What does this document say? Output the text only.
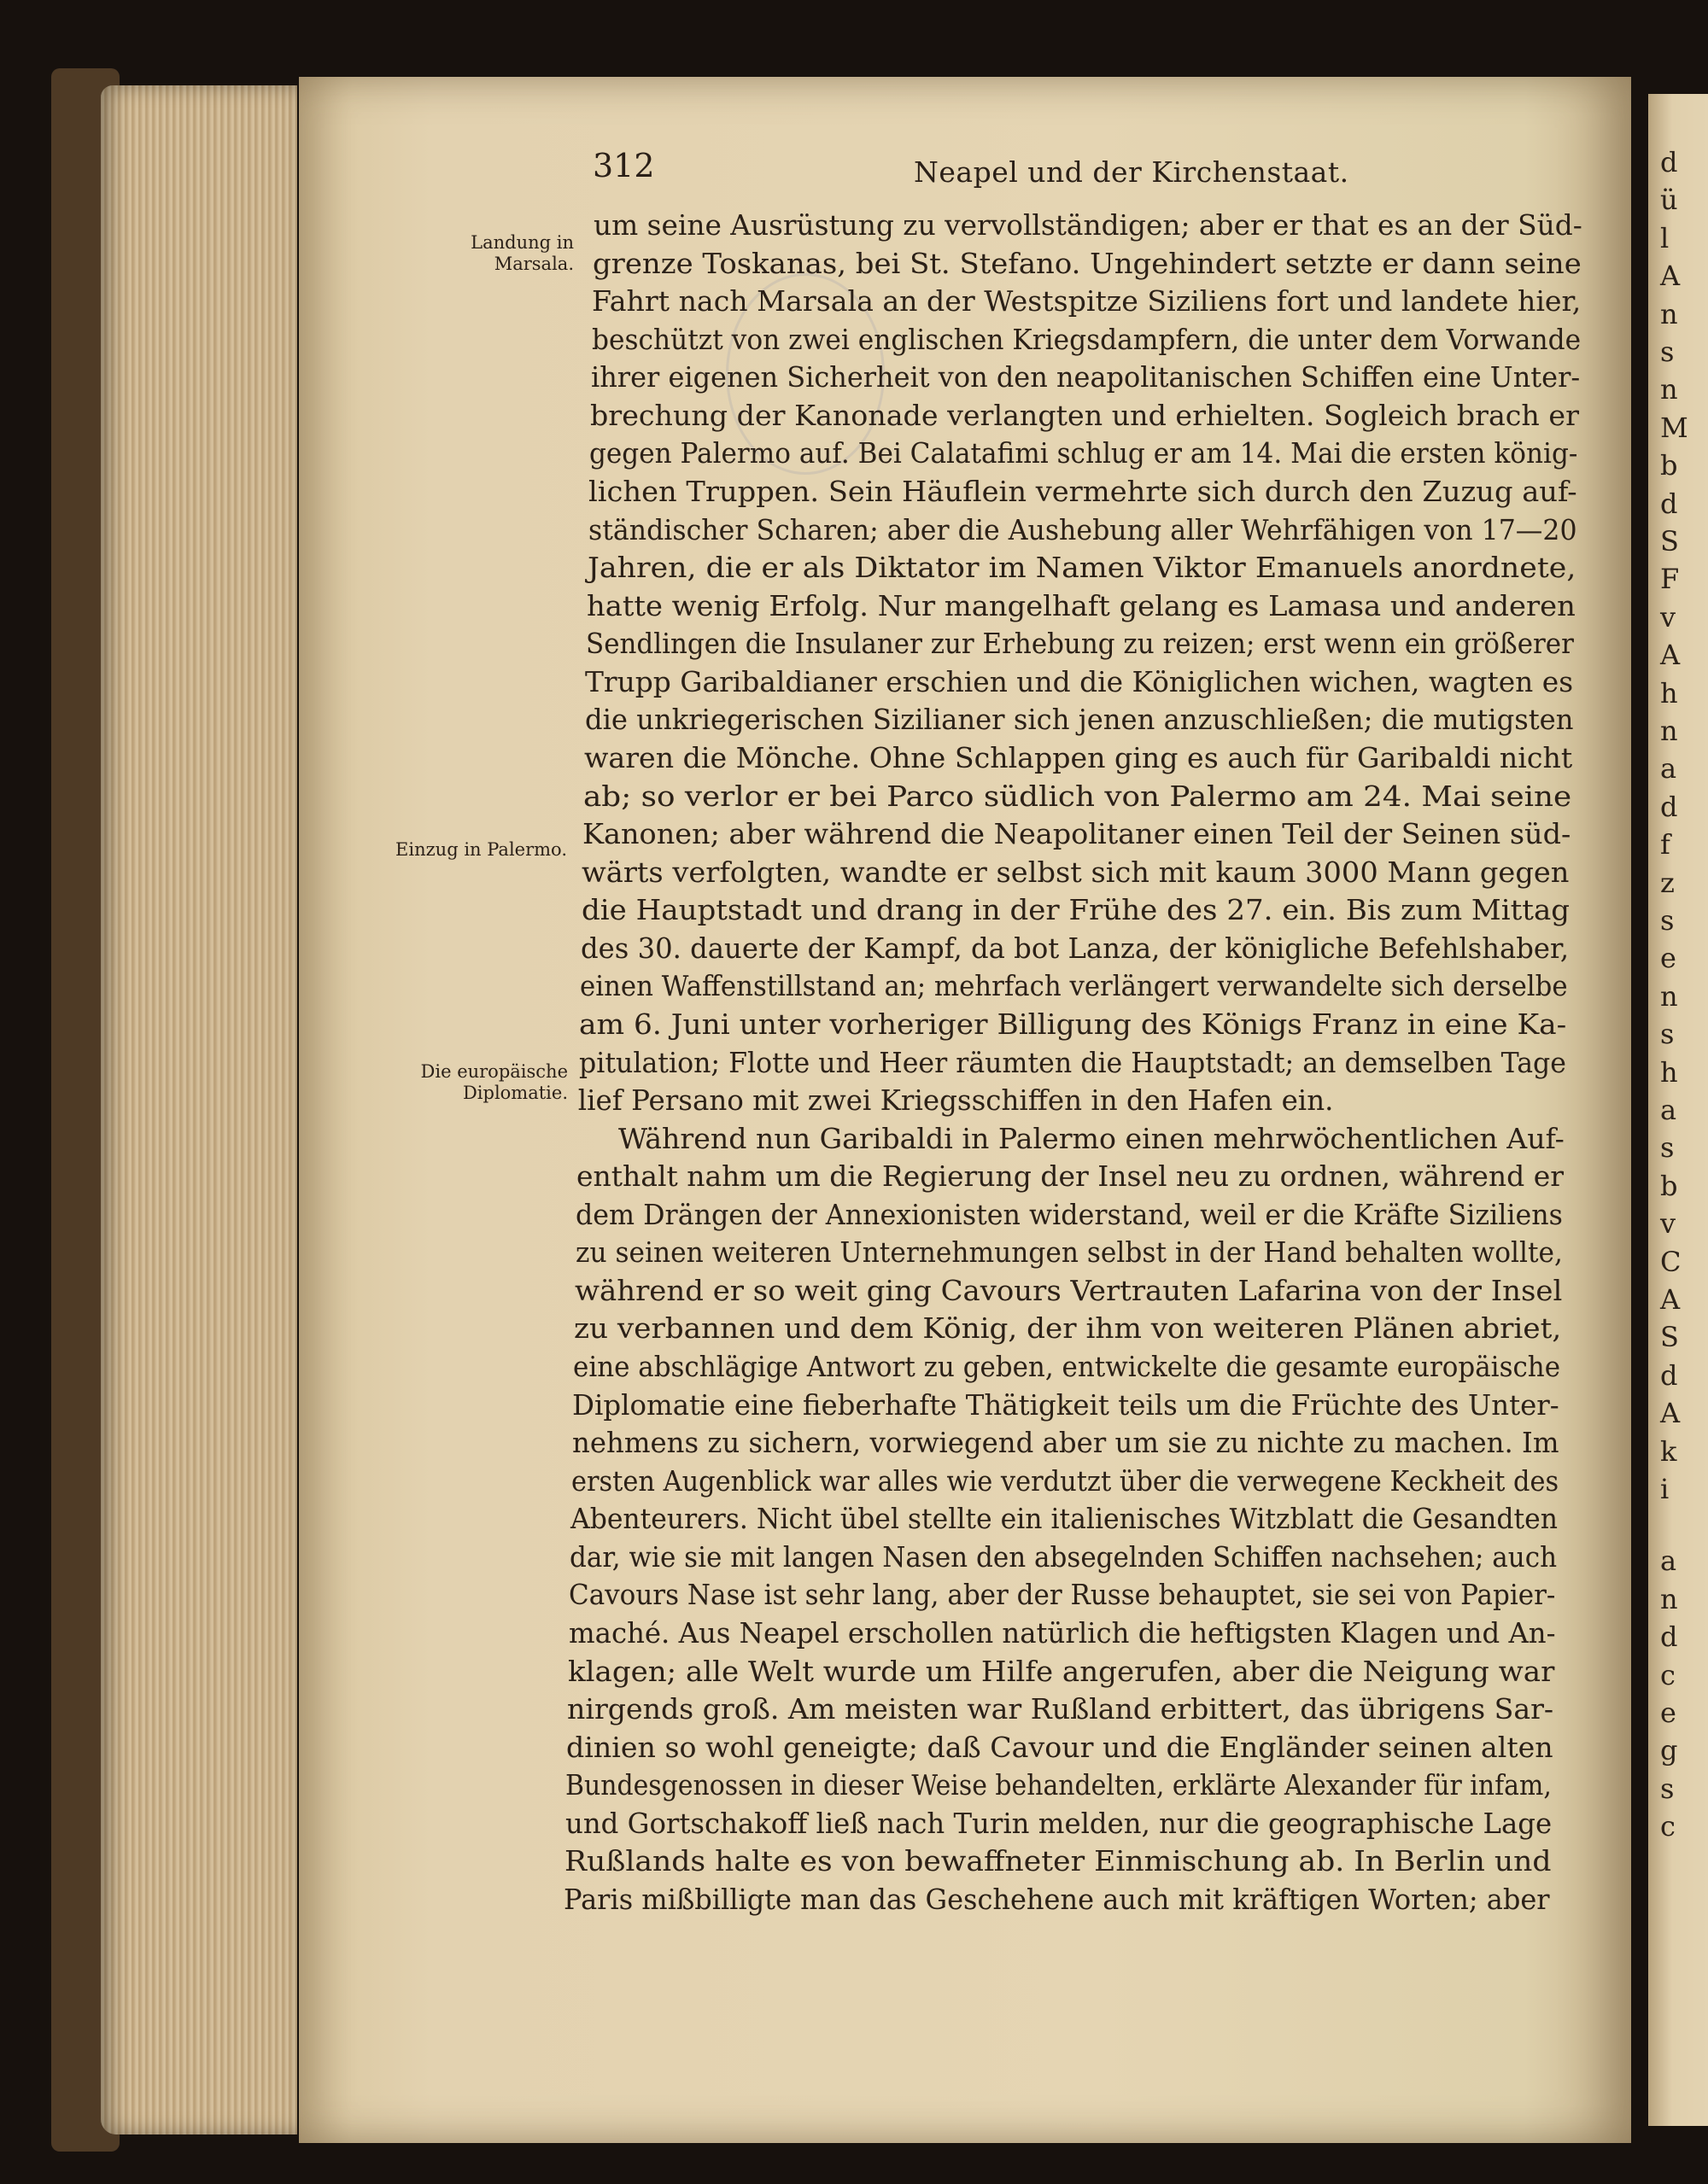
d
ü
l
A
n
s
n
M
b
d
S
F
v
A
h
n
a
d
f
z
s
e
n
s
h
a
s
b
v
C
A
S
d
A
k
i
a
n
d
c
e
g
s
c
312	Neapel und der Kirchenstaat.
Landung in Marsala.
Einzug in Palermo.
Die europäische Diplomatie.
um seine Ausrüstung zu vervollständigen; aber er that es an der Süd-
grenze Toskanas, bei St. Stefano. Ungehindert setzte er dann seine
Fahrt nach Marsala an der Westspitze Siziliens fort und landete hier,
beschützt von zwei englischen Kriegsdampfern, die unter dem Vorwande
ihrer eigenen Sicherheit von den neapolitanischen Schiffen eine Unter-
brechung der Kanonade verlangten und erhielten. Sogleich brach er
gegen Palermo auf. Bei Calatafimi schlug er am 14. Mai die ersten könig-
lichen Truppen. Sein Häuflein vermehrte sich durch den Zuzug auf-
ständischer Scharen; aber die Aushebung aller Wehrfähigen von 17—20
Jahren, die er als Diktator im Namen Viktor Emanuels anordnete,
hatte wenig Erfolg. Nur mangelhaft gelang es Lamasa und anderen
Sendlingen die Insulaner zur Erhebung zu reizen; erst wenn ein größerer
Trupp Garibaldianer erschien und die Königlichen wichen, wagten es
die unkriegerischen Sizilianer sich jenen anzuschließen; die mutigsten
waren die Mönche. Ohne Schlappen ging es auch für Garibaldi nicht
ab; so verlor er bei Parco südlich von Palermo am 24. Mai seine
Kanonen; aber während die Neapolitaner einen Teil der Seinen süd-
wärts verfolgten, wandte er selbst sich mit kaum 3000 Mann gegen
die Hauptstadt und drang in der Frühe des 27. ein. Bis zum Mittag
des 30. dauerte der Kampf, da bot Lanza, der königliche Befehlshaber,
einen Waffenstillstand an; mehrfach verlängert verwandelte sich derselbe
am 6. Juni unter vorheriger Billigung des Königs Franz in eine Ka-
pitulation; Flotte und Heer räumten die Hauptstadt; an demselben Tage
lief Persano mit zwei Kriegsschiffen in den Hafen ein.
Während nun Garibaldi in Palermo einen mehrwöchentlichen Auf-
enthalt nahm um die Regierung der Insel neu zu ordnen, während er
dem Drängen der Annexionisten widerstand, weil er die Kräfte Siziliens
zu seinen weiteren Unternehmungen selbst in der Hand behalten wollte,
während er so weit ging Cavours Vertrauten Lafarina von der Insel
zu verbannen und dem König, der ihm von weiteren Plänen abriet,
eine abschlägige Antwort zu geben, entwickelte die gesamte europäische
Diplomatie eine fieberhafte Thätigkeit teils um die Früchte des Unter-
nehmens zu sichern, vorwiegend aber um sie zu nichte zu machen. Im
ersten Augenblick war alles wie verdutzt über die verwegene Keckheit des
Abenteurers. Nicht übel stellte ein italienisches Witzblatt die Gesandten
dar, wie sie mit langen Nasen den absegelnden Schiffen nachsehen; auch
Cavours Nase ist sehr lang, aber der Russe behauptet, sie sei von Papier-
maché. Aus Neapel erschollen natürlich die heftigsten Klagen und An-
klagen; alle Welt wurde um Hilfe angerufen, aber die Neigung war
nirgends groß. Am meisten war Rußland erbittert, das übrigens Sar-
dinien so wohl geneigte; daß Cavour und die Engländer seinen alten
Bundesgenossen in dieser Weise behandelten, erklärte Alexander für infam,
und Gortschakoff ließ nach Turin melden, nur die geographische Lage
Rußlands halte es von bewaffneter Einmischung ab. In Berlin und
Paris mißbilligte man das Geschehene auch mit kräftigen Worten; aber
